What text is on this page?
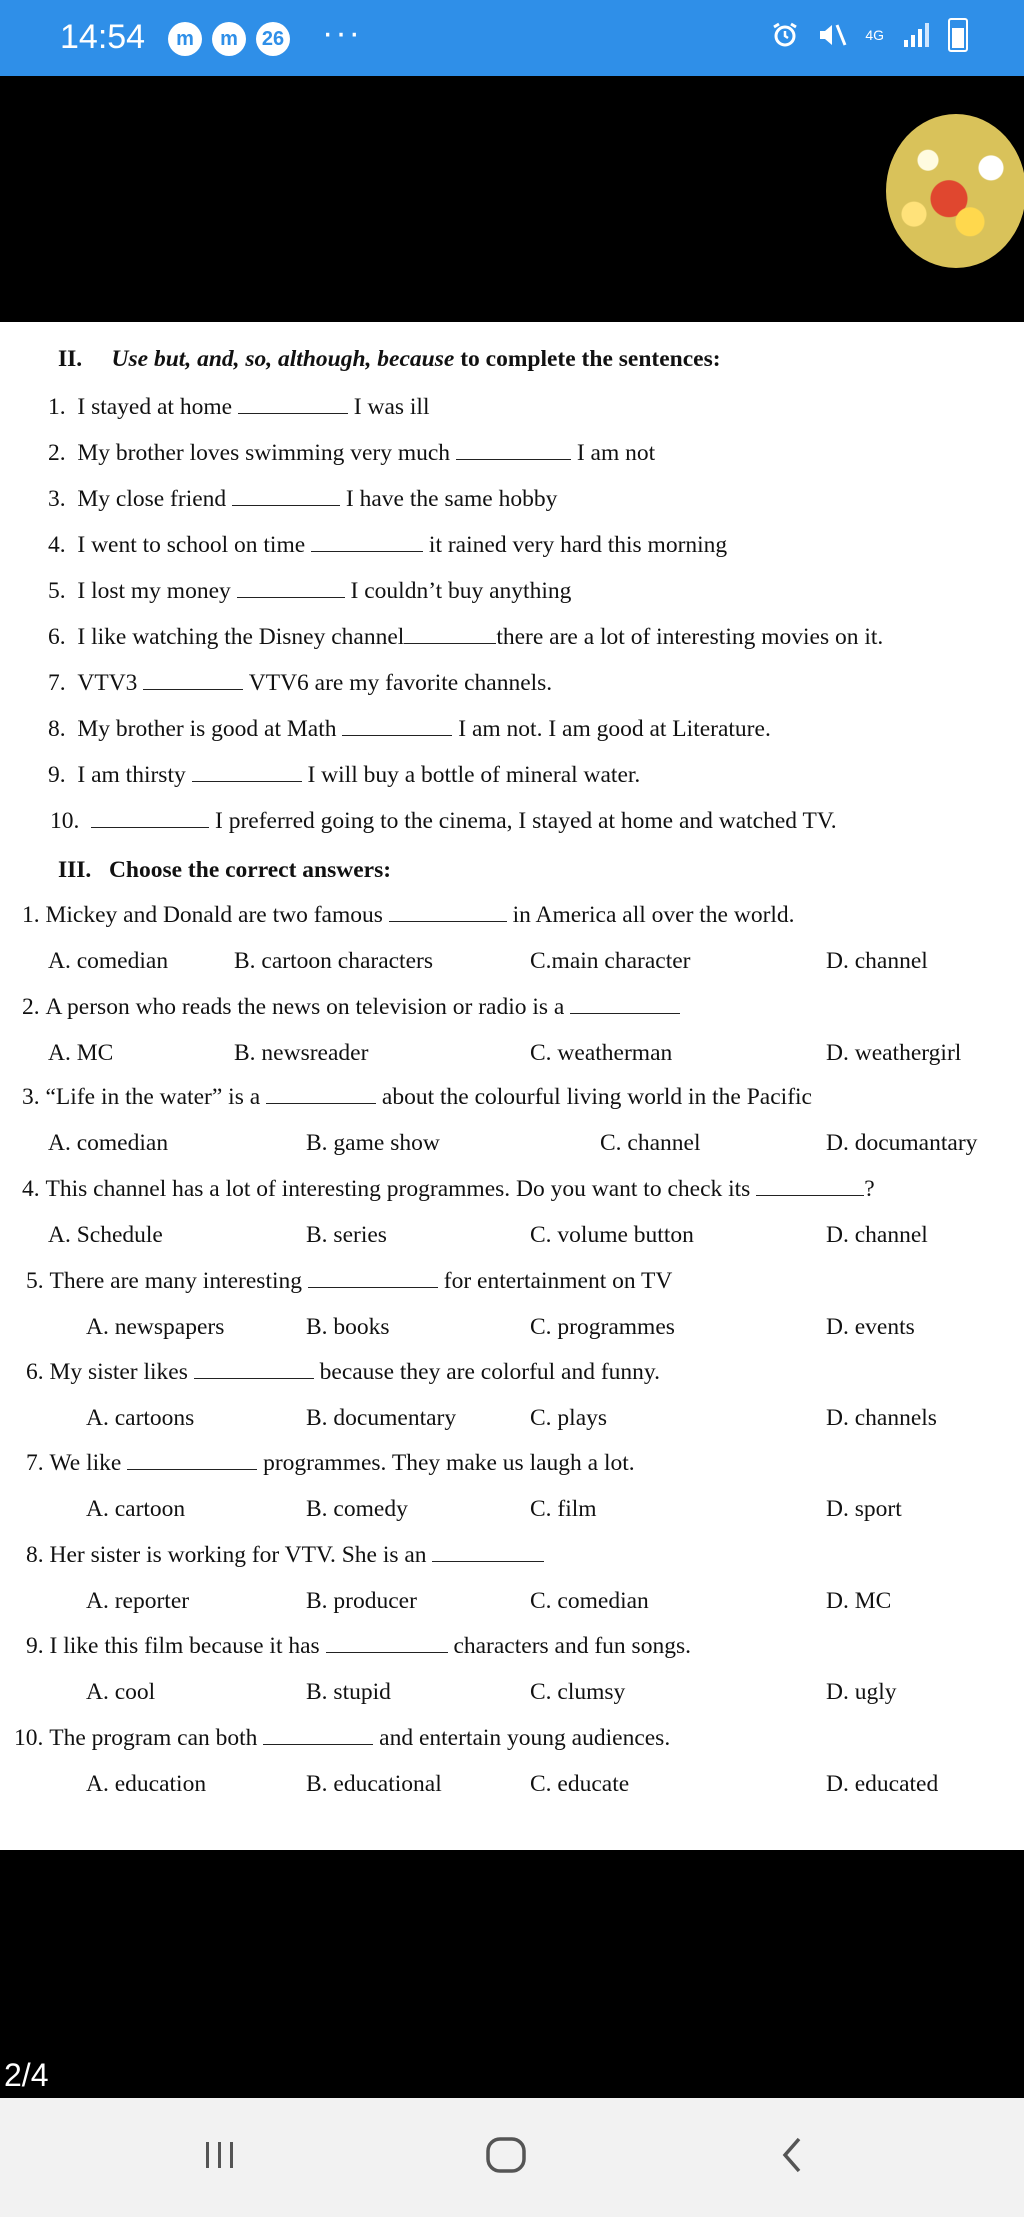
14:54	m	m	26 ···	4G
II. Use but, and, so, although, because to complete the sentences:
1. I stayed at home	I was ill
2. My brother loves swimming very much	I am not
3. My close friend	I have the same hobby
4. I went to school on time	it rained very hard this morning
5. I lost my money	I couldn’t buy anything
6. I like watching the Disney channel	there are a lot of interesting movies on it.
7. VTV3	VTV6 are my favorite channels.
8. My brother is good at Math	I am not. I am good at Literature.
9. I am thirsty	I will buy a bottle of mineral water.
10.	I preferred going to the cinema, I stayed at home and watched TV.
III. Choose the correct answers:
1. Mickey and Donald are two famous	in America all over the world.
A. comedian	B. cartoon characters	C.main character	D. channel
2. A person who reads the news on television or radio is a
A. MC	B. newsreader	C. weatherman	D. weathergirl
3. “Life in the water” is a	about the colourful living world in the Pacific
A. comedian	B. game show	C. channel	D. documantary
4. This channel has a lot of interesting programmes. Do you want to check its	?
A. Schedule	B. series	C. volume button	D. channel
5. There are many interesting	for entertainment on TV
A. newspapers	B. books	C. programmes	D. events
6. My sister likes	because they are colorful and funny.
A. cartoons	B. documentary	C. plays	D. channels
7. We like	programmes. They make us laugh a lot.
A. cartoon	B. comedy	C. film	D. sport
8. Her sister is working for VTV. She is an
A. reporter	B. producer	C. comedian	D. MC
9. I like this film because it has	characters and fun songs.
A. cool	B. stupid	C. clumsy	D. ugly
10. The program can both	and entertain young audiences.
A. education	B. educational	C. educate	D. educated
2/4
